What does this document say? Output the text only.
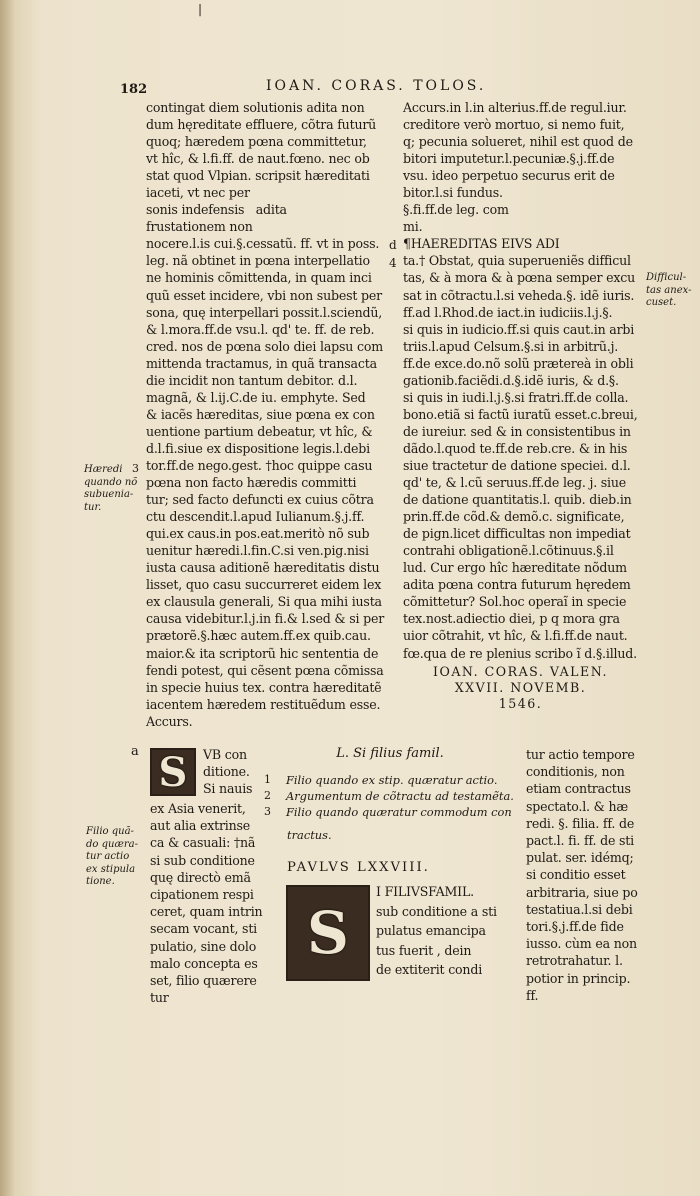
|
182	IOAN. CORAS. TOLOS.
contingat diem solutionis adita non
dum hęreditate effluere, cõtra futurũ
quoq; hæredem pœna committetur,
vt hîc, & l.fi.ff. de naut.fœno. nec ob
stat quod Vlpian. scripsit hæreditati
iaceti, vt nec per
sonis indefensis   adita
frustationem non
nocere.l.is cui.§.cessatũ. ff. vt in poss.
leg. nã obtinet in pœna interpellatio
ne hominis cõmittenda, in quam inci
quũ esset incidere, vbi non subest per
sona, quę interpellari possit.l.sciendũ,
& l.mora.ff.de vsu.l. qd' te. ff. de reb.
cred. nos de pœna solo diei lapsu com
mittenda tractamus, in quã transacta
die incidit non tantum debitor. d.l.
magnã, & l.ij.C.de iu. emphyte. Sed
& iacẽs hæreditas, siue pœna ex con
uentione partium debeatur, vt hîc, &
d.l.fi.siue ex dispositione legis.l.debi
tor.ff.de nego.gest. †hoc quippe casu
pœna non facto hæredis committi
tur; sed facto defuncti ex cuius cõtra
ctu descendit.l.apud Iulianum.§.j.ff.
qui.ex caus.in pos.eat.meritò nõ sub
uenitur hæredi.l.fin.C.si ven.pig.nisi
iusta causa aditionẽ hæreditatis distu
lisset, quo casu succurreret eidem lex
ex clausula generali, Si qua mihi iusta
causa videbitur.l.j.in fi.& l.sed & si per
prætorẽ.§.hæc autem.ff.ex quib.cau.
maior.& ita scriptorũ hic sententia de
fendi potest, qui cẽsent pœna cõmissa
in specie huius tex. contra hæreditatẽ
iacentem hæredem restituẽdum esse.
Accurs.
Accurs.in l.in alterius.ff.de regul.iur.
creditore verò mortuo, si nemo fuit,
q; pecunia solueret, nihil est quod de
bitori imputetur.l.pecuniæ.§.j.ff.de
vsu. ideo perpetuo securus erit de
bitor.l.si fundus.
§.fi.ff.de leg. com
mi.
¶HAEREDITAS EIVS ADI
ta.† Obstat, quia superueniẽs difficul
tas, & à mora & à pœna semper excu
sat in cõtractu.l.si veheda.§. idẽ iuris.
ff.ad l.Rhod.de iact.in iudiciis.l.j.§.
si quis in iudicio.ff.si quis caut.in arbi
triis.l.apud Celsum.§.si in arbitrũ.j.
ff.de exce.do.nõ solũ prætereà in obli
gationib.faciẽdi.d.§.idẽ iuris, & d.§.
si quis in iudi.l.j.§.si fratri.ff.de colla.
bono.etiã si factũ iuratũ esset.c.breui,
de iureiur. sed & in consistentibus in
dãdo.l.quod te.ff.de reb.cre. & in his
siue tractetur de datione speciei. d.l.
qd' te, & l.cũ seruus.ff.de leg. j. siue
de datione quantitatis.l. quib. dieb.in
prin.ff.de cõd.& demõ.c. significate,
de pign.licet difficultas non impediat
contrahi obligationẽ.l.cõtinuus.§.il
lud. Cur ergo hîc hæreditate nõdum
adita pœna contra futurum hęredem
cõmittetur? Sol.hoc operaĩ in specie
tex.nost.adiectio diei, p q mora gra
uior cõtrahit, vt hîc, & l.fi.ff.de naut.
fœ.qua de re plenius scribo ĩ d.§.illud.
IOAN. CORAS. VALEN.
XXVII. NOVEMB.
1546.
d
4
Difficul-
tas anex-
cuset.
3
Hæredi
quando nõ
subuenia-
tur.
a
Filio quã-
do quæra-
tur actio
ex stipula
tione.
S VB con
ditione.
Si nauis
ex Asia venerit,
aut alia extrinse
ca & casuali: †nã
si sub conditione
quę directò emã
cipationem respi
ceret, quam intrin
secam vocant, sti
pulatio, sine dolo
malo concepta es
set, filio quærere
tur
L. Si filius famil.
1	Filio quando ex stip. quæratur actio.
2	Argumentum de cõtractu ad testamẽta.
3	Filio quando quæratur commodum con
tractus.
PAVLVS LXXVIII.
S
I FILIVSFAMIL.
sub conditione a sti
pulatus emancipa
tus fuerit , dein
de extiterit condi
tur actio tempore
conditionis, non
etiam contractus
spectato.l. & hæ
redi. §. filia. ff. de
pact.l. fi. ff. de sti
pulat. ser. idémq;
si conditio esset
arbitraria, siue po
testatiua.l.si debi
tori.§.j.ff.de fide
iusso. cùm ea non
retrotrahatur. l.
potior in princip.
ff.
